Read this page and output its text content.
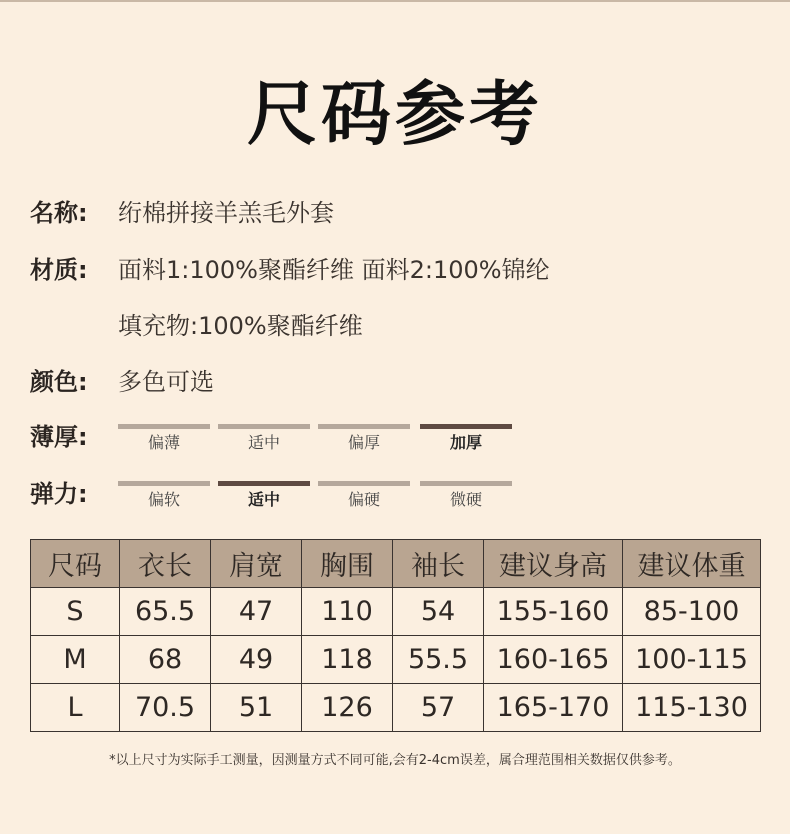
尺码参考
名称: 绗棉拼接羊羔毛外套
材质: 面料1:100%聚酯纤维 面料2:100%锦纶
填充物:100%聚酯纤维
颜色: 多色可选
薄厚:	偏薄	适中	偏厚	加厚
弹力:	偏软	适中	偏硬	微硬
尺码	衣长	肩宽	胸围	袖长	建议身高	建议体重
S	65.5	47	110	54	155-160	85-100
M	68	49	118	55.5	160-165	100-115
L	70.5	51	126	57	165-170	115-130
*以上尺寸为实际手工测量，因测量方式不同可能,会有2-4cm误差，属合理范围相关数据仅供参考。
